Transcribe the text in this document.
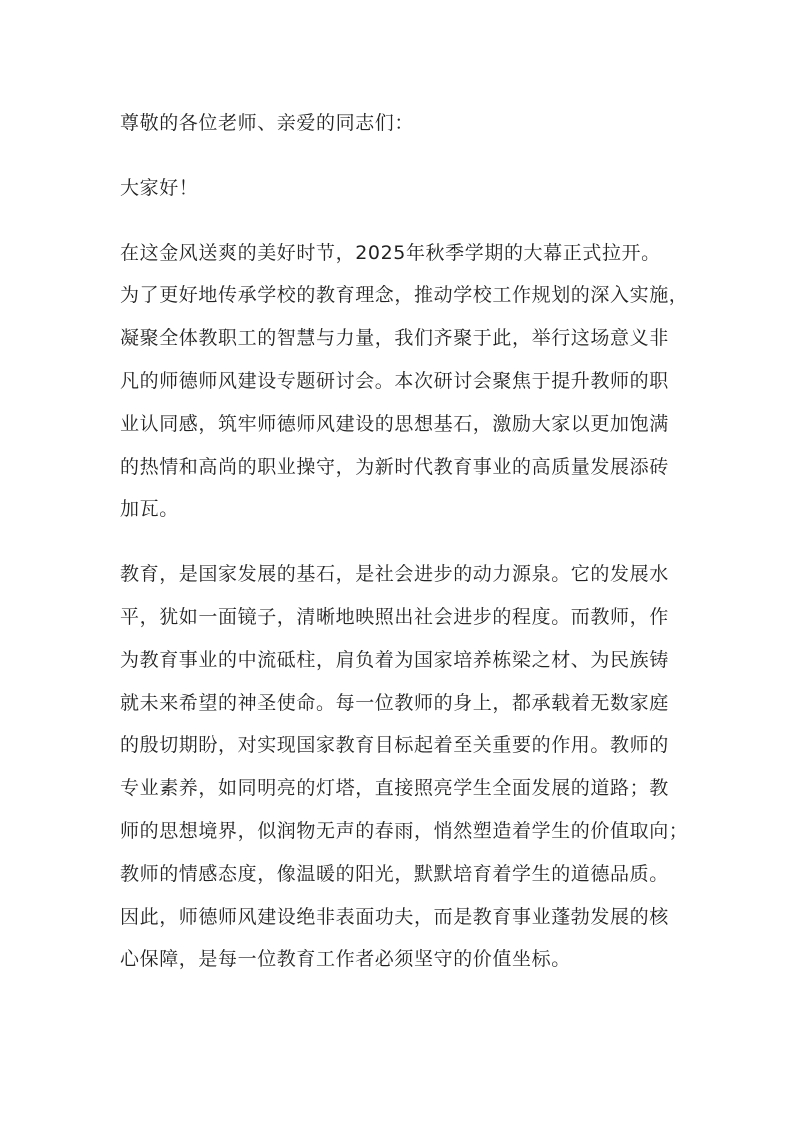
尊敬的各位老师、亲爱的同志们：
大家好！
在这金风送爽的美好时节，2025年秋季学期的大幕正式拉开。
为了更好地传承学校的教育理念，推动学校工作规划的深入实施，
凝聚全体教职工的智慧与力量，我们齐聚于此，举行这场意义非
凡的师德师风建设专题研讨会。本次研讨会聚焦于提升教师的职
业认同感，筑牢师德师风建设的思想基石，激励大家以更加饱满
的热情和高尚的职业操守，为新时代教育事业的高质量发展添砖
加瓦。
教育，是国家发展的基石，是社会进步的动力源泉。它的发展水
平，犹如一面镜子，清晰地映照出社会进步的程度。而教师，作
为教育事业的中流砥柱，肩负着为国家培养栋梁之材、为民族铸
就未来希望的神圣使命。每一位教师的身上，都承载着无数家庭
的殷切期盼，对实现国家教育目标起着至关重要的作用。教师的
专业素养，如同明亮的灯塔，直接照亮学生全面发展的道路；教
师的思想境界，似润物无声的春雨，悄然塑造着学生的价值取向；
教师的情感态度，像温暖的阳光，默默培育着学生的道德品质。
因此，师德师风建设绝非表面功夫，而是教育事业蓬勃发展的核
心保障，是每一位教育工作者必须坚守的价值坐标。
